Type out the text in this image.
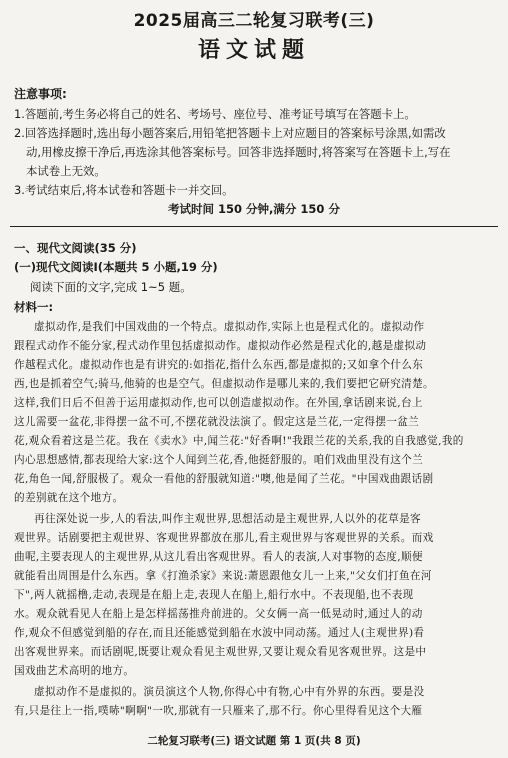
2025届高三二轮复习联考(三)
语文试题
注意事项:
1.答题前,考生务必将自己的姓名、考场号、座位号、准考证号填写在答题卡上。
2.回答选择题时,选出每小题答案后,用铅笔把答题卡上对应题目的答案标号涂黑,如需改
动,用橡皮擦干净后,再选涂其他答案标号。回答非选择题时,将答案写在答题卡上,写在
本试卷上无效。
3.考试结束后,将本试卷和答题卡一并交回。
考试时间 150 分钟,满分 150 分
一、现代文阅读(35 分)
(一)现代文阅读Ⅰ(本题共 5 小题,19 分)
阅读下面的文字,完成 1~5 题。
材料一:
虚拟动作,是我们中国戏曲的一个特点。虚拟动作,实际上也是程式化的。虚拟动作
跟程式动作不能分家,程式动作里包括虚拟动作。虚拟动作必然是程式化的,越是虚拟动
作越程式化。虚拟动作也是有讲究的:如指花,指什么东西,都是虚拟的;又如拿个什么东
西,也是抓着空气;骑马,他骑的也是空气。但虚拟动作是哪儿来的,我们要把它研究清楚。
这样,我们日后不但善于运用虚拟动作,也可以创造虚拟动作。在外国,拿话剧来说,台上
这儿需要一盆花,非得摆一盆不可,不摆花就没法演了。假定这是兰花,一定得摆一盆兰
花,观众看着这是兰花。我在《卖水》中,闻兰花:"好香啊!"我跟兰花的关系,我的自我感觉,我的
内心思想感情,都表现给大家:这个人闻到兰花,香,他挺舒服的。咱们戏曲里没有这个兰
花,角色一闻,舒服极了。观众一看他的舒服就知道:"噢,他是闻了兰花。"中国戏曲跟话剧
的差别就在这个地方。
再往深处说一步,人的看法,叫作主观世界,思想活动是主观世界,人以外的花草是客
观世界。话剧要把主观世界、客观世界都放在那儿,看主观世界与客观世界的关系。而戏
曲呢,主要表现人的主观世界,从这儿看出客观世界。看人的表演,人对事物的态度,顺便
就能看出周围是什么东西。拿《打渔杀家》来说:萧恩跟他女儿一上来,"父女们打鱼在河
下",两人就摇橹,走动,表现是在船上走,表现人在船上,船行水中。不表现船,也不表现
水。观众就看见人在船上是怎样摇荡推舟前进的。父女俩一高一低晃动时,通过人的动
作,观众不但感觉到船的存在,而且还能感觉到船在水波中同动荡。通过人(主观世界)看
出客观世界来。而话剧呢,既要让观众看见主观世界,又要让观众看见客观世界。这是中
国戏曲艺术高明的地方。
虚拟动作不是虚拟的。演员演这个人物,你得心中有物,心中有外界的东西。要是没
有,只是往上一指,噗哧"啊啊"一吹,那就有一只雁来了,那不行。你心里得看见这个大雁
二轮复习联考(三) 语文试题 第 1 页(共 8 页)
